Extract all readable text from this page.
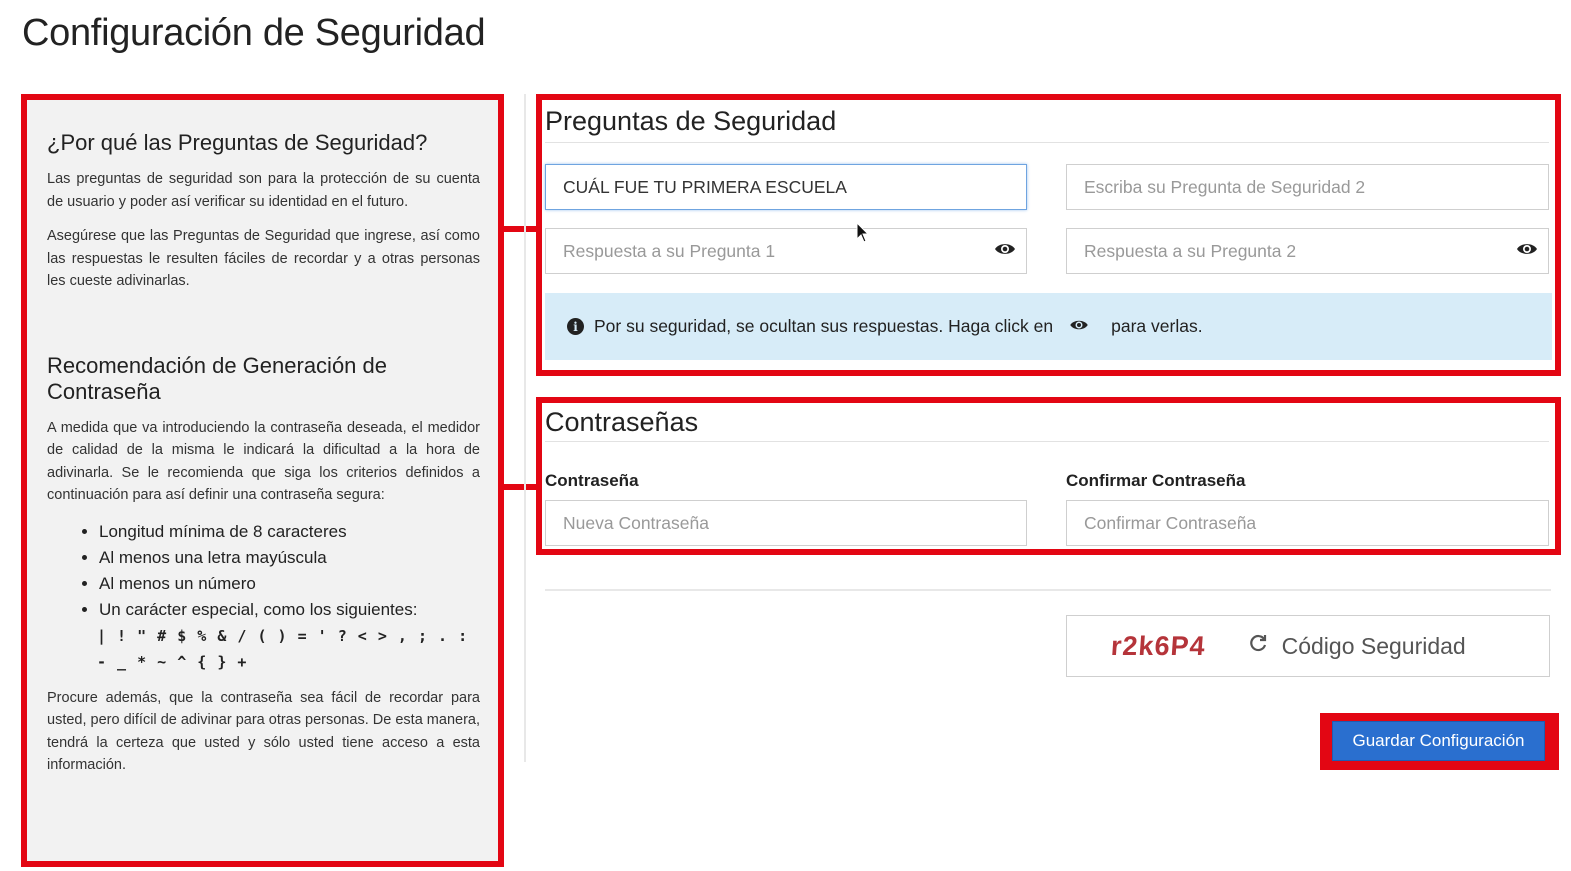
Configuración de Seguridad
¿Por qué las Preguntas de Seguridad?

Las preguntas de seguridad son para la protección de su cuenta de usuario y poder así verificar su identidad en el futuro.

Asegúrese que las Preguntas de Seguridad que ingrese, así como las respuestas le resulten fáciles de recordar y a otras personas les cueste adivinarlas.

Recomendación de Generación de Contraseña

A medida que va introduciendo la contraseña deseada, el medidor de calidad de la misma le indicará la dificultad a la hora de adivinarla. Se le recomienda que siga los criterios definidos a continuación para así definir una contraseña segura:

• Longitud mínima de 8 caracteres
• Al menos una letra mayúscula
• Al menos un número
• Un carácter especial, como los siguientes:
| ! " # $ % & / ( ) = ' ? < > , ; . : - _ * ~ ^ { } +

Procure además, que la contraseña sea fácil de recordar para usted, pero difícil de adivinar para otras personas. De esta manera, tendrá la certeza que usted y sólo usted tiene acceso a esta información.

Preguntas de Seguridad
CUÁL FUE TU PRIMERA ESCUELA	Escriba su Pregunta de Seguridad 2
Respuesta a su Pregunta 1	Respuesta a su Pregunta 2
i Por su seguridad, se ocultan sus respuestas. Haga click en	para verlas.
Contraseñas
Contraseña	Confirmar Contraseña
Nueva Contraseña	Confirmar Contraseña
r2k6P4	Código Seguridad
Guardar Configuración
